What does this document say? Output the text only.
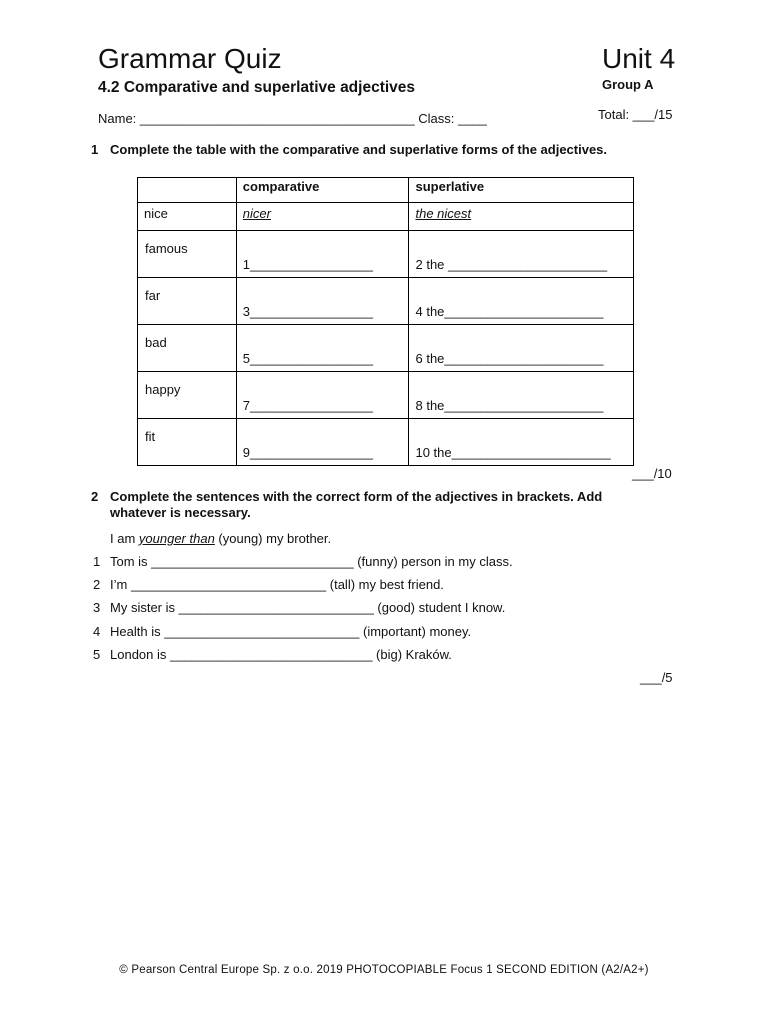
Grammar Quiz	Unit 4
4.2 Comparative and superlative adjectives	Group A
Name: ______________________________________ Class: ____	Total: ___/15
1 Complete the table with the comparative and superlative forms of the adjectives.
	comparative	superlative
nice	nicer	the nicest

famous	1_________________	2 the ______________________

far	3_________________	4 the______________________

bad	5_________________	6 the______________________

happy	7_________________	8 the______________________

fit	9_________________	10 the______________________
___/10
2 Complete the sentences with the correct form of the adjectives in brackets. Add whatever is necessary.
I am younger than (young) my brother.
1 Tom is ____________________________ (funny) person in my class.
2 I’m ___________________________ (tall) my best friend.
3 My sister is ___________________________ (good) student I know.
4 Health is ___________________________ (important) money.
5 London is ____________________________ (big) Kraków.
___/5
© Pearson Central Europe Sp. z o.o. 2019 PHOTOCOPIABLE Focus 1 SECOND EDITION (A2/A2+)
